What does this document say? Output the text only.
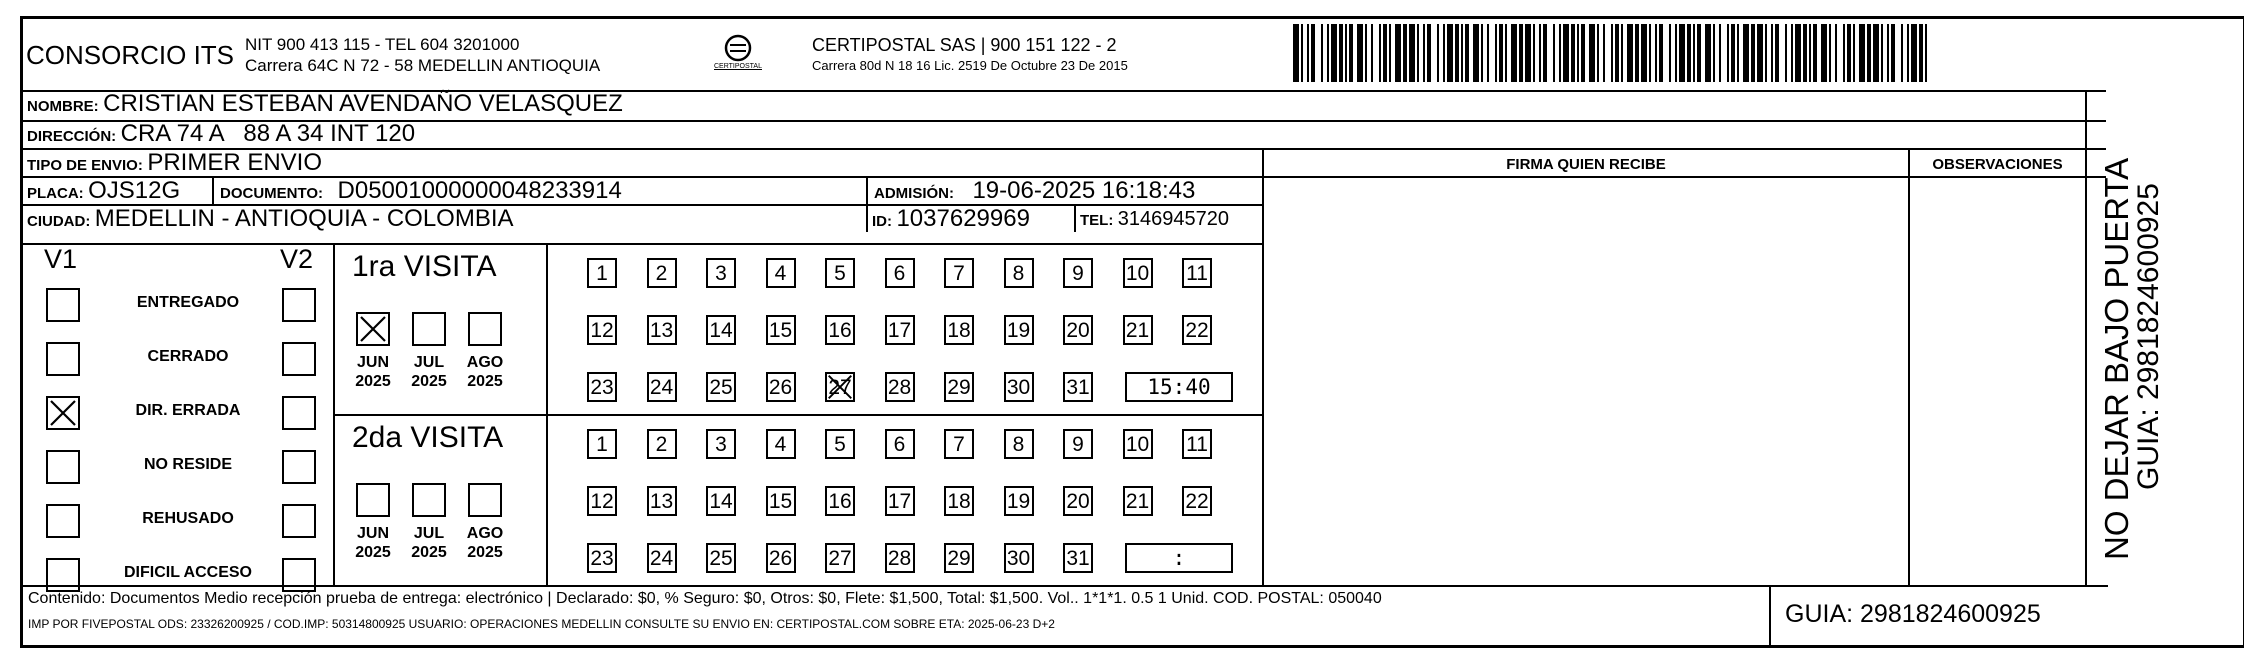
CONSORCIO ITS NIT 900 413 115 - TEL 604 3201000
Carrera 64C N 72 - 58 MEDELLIN ANTIOQUIA	CERTIPOSTAL
CERTIPOSTAL SAS | 900 151 122 - 2
Carrera 80d N 18 16 Lic. 2519 De Octubre 23 De 2015
NOMBRE: CRISTIAN ESTEBAN AVENDAÑO VELASQUEZ
DIRECCIÓN: CRA 74 A   88 A 34 INT 120
TIPO DE ENVIO: PRIMER ENVIO	FIRMA QUIEN RECIBE	OBSERVACIONES
PLACA: OJS12G	DOCUMENTO: D05001000000048233914	ADMISIÓN: 19-06-2025 16:18:43
CIUDAD: MEDELLIN - ANTIOQUIA - COLOMBIA	ID: 1037629969	TEL: 3146945720
V1	V2
ENTREGADO
CERRADO
DIR. ERRADA
NO RESIDE
REHUSADO
DIFICIL ACCESO
1ra VISITA
2da VISITA
JUN
2025
JUL
2025
AGO
2025
1	2	3	4	5	6	7	8	9	10 11
12 13 14 15 16 17 18 19 20 21 22
23 24 25 26 27 28 29 30 31	15:40
JUN
2025
JUL
2025
AGO
2025
1	2	3	4	5	6	7	8	9	10 11
12 13 14 15 16 17 18 19 20 21 22
23 24 25 26 27 28 29 30 31	:
Contenido: Documentos Medio recepción prueba de entrega: electrónico | Declarado: $0, % Seguro: $0, Otros: $0, Flete: $1,500, Total: $1,500. Vol.. 1*1*1. 0.5 1 Unid. COD. POSTAL: 050040
IMP POR FIVEPOSTAL ODS: 23326200925 / COD.IMP: 50314800925 USUARIO: OPERACIONES MEDELLIN CONSULTE SU ENVIO EN: CERTIPOSTAL.COM SOBRE ETA: 2025-06-23 D+2	GUIA: 2981824600925
NO DEJAR BAJO PUERTA
GUIA: 2981824600925
